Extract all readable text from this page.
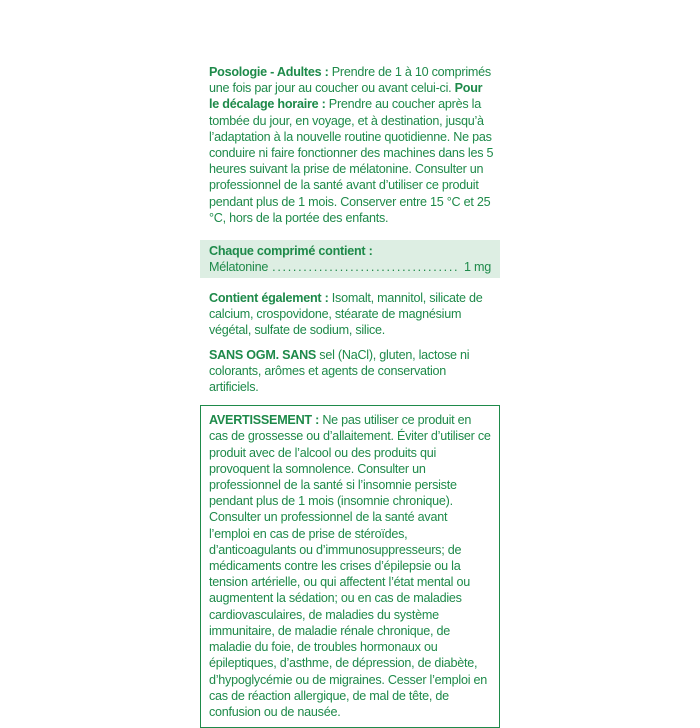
Posologie - Adultes : Prendre de 1 à 10 comprimés une fois par jour au coucher ou avant celui-ci. Pour le décalage horaire : Prendre au coucher après la tombée du jour, en voyage, et à destination, jusqu’à l’adaptation à la nouvelle routine quotidienne. Ne pas conduire ni faire fonctionner des machines dans les 5 heures suivant la prise de mélatonine. Consulter un professionnel de la santé avant d’utiliser ce produit pendant plus de 1 mois. Conserver entre 15 °C et 25 °C, hors de la portée des enfants.

Chaque comprimé contient :

Mélatonine
. . .	1 mg

Contient également : Isomalt, mannitol, silicate de calcium, crospovidone, stéarate de magnésium végétal, sulfate de sodium, silice.

SANS OGM. SANS sel (NaCl), gluten, lactose ni colorants, arômes et agents de conservation artificiels.

AVERTISSEMENT : Ne pas utiliser ce produit en cas de grossesse ou d’allaitement. Éviter d’utiliser ce produit avec de l’alcool ou des produits qui provoquent la somnolence. Consulter un professionnel de la santé si l’insomnie persiste pendant plus de 1 mois (insomnie chronique). Consulter un professionnel de la santé avant l’emploi en cas de prise de stéroïdes, d’anticoagulants ou d’immunosuppresseurs; de médicaments contre les crises d’épilepsie ou la tension artérielle, ou qui affectent l’état mental ou augmentent la sédation; ou en cas de maladies cardiovasculaires, de maladies du système immunitaire, de maladie rénale chronique, de maladie du foie, de troubles hormonaux ou épileptiques, d’asthme, de dépression, de diabète, d’hypoglycémie ou de migraines. Cesser l’emploi en cas de réaction allergique, de mal de tête, de confusion ou de nausée.
